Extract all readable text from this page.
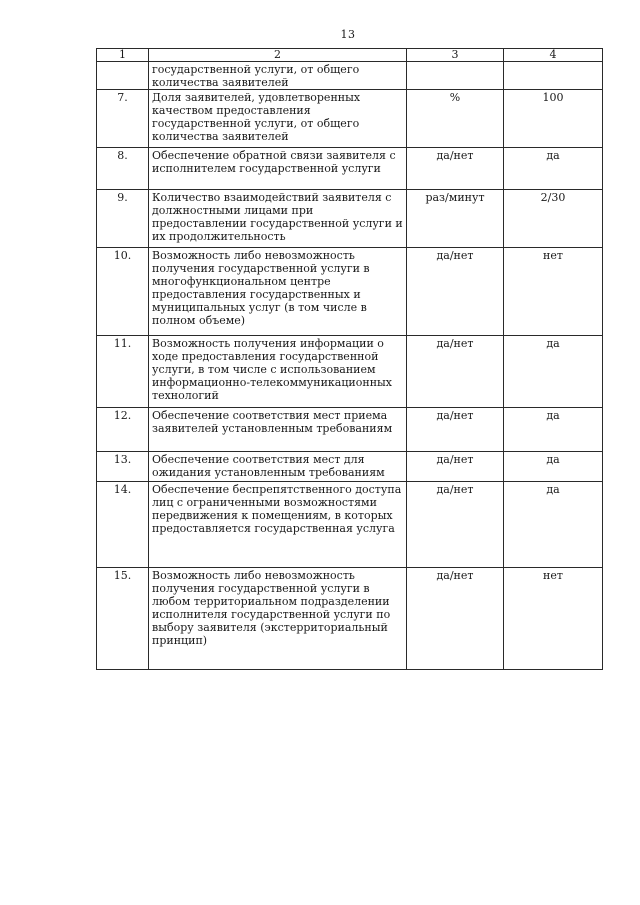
13
1	2	3	4
	государственной услуги, от общего количества заявителей		
7.	Доля заявителей, удовлетворенных качеством предоставления государственной услуги, от общего количества заявителей	%	100
8.	Обеспечение обратной связи заявителя с исполнителем государственной услуги	да/нет	да
9.	Количество взаимодействий заявителя с должностными лицами при предоставлении государственной услуги и их продолжительность	раз/минут	2/30
10.	Возможность либо невозможность получения государственной услуги в многофункциональном центре предоставления государственных и муниципальных услуг (в том числе в полном объеме)	да/нет	нет
11.	Возможность получения информации о ходе предоставления государственной услуги, в том числе с использованием информационно-телекоммуникационных технологий	да/нет	да
12.	Обеспечение соответствия мест приема заявителей установленным требованиям	да/нет	да
13.	Обеспечение соответствия мест для ожидания установленным требованиям	да/нет	да
14.	Обеспечение беспрепятственного доступа лиц с ограниченными возможностями передвижения к помещениям, в которых предоставляется государственная услуга	да/нет	да
15.	Возможность либо невозможность получения государственной услуги в любом территориальном подразделении исполнителя государственной услуги по выбору заявителя (экстерриториальный принцип)	да/нет	нет
